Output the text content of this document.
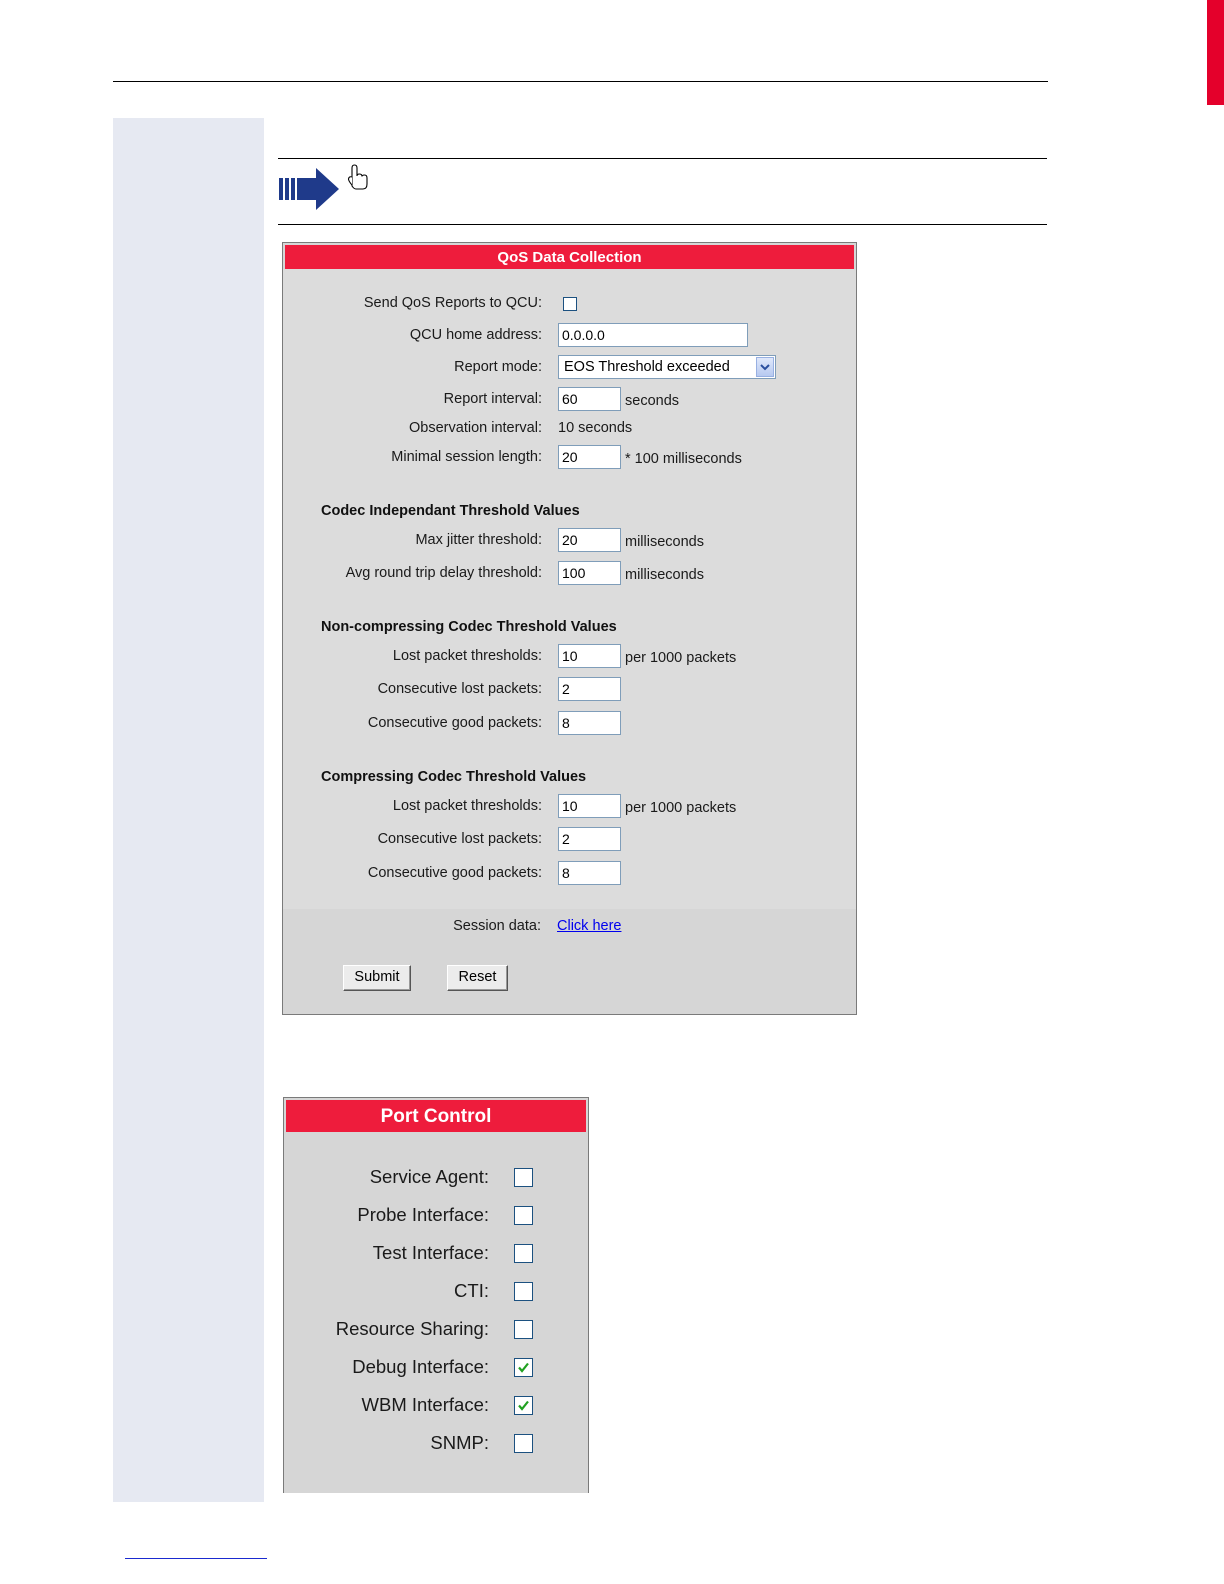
QoS Data Collection
Send QoS Reports to QCU:
QCU home address:
0.0.0.0
Report mode: EOS Threshold exceeded
Report interval:
60	seconds
Observation interval: 10 seconds
Minimal session length:
20	* 100 milliseconds
Codec Independant Threshold Values
Max jitter threshold:
20	milliseconds
Avg round trip delay threshold:
100	milliseconds
Non-compressing Codec Threshold Values
Lost packet thresholds:
10	per 1000 packets
Consecutive lost packets:
2
Consecutive good packets:
8
Compressing Codec Threshold Values
Lost packet thresholds:
10	per 1000 packets
Consecutive lost packets:
2
Consecutive good packets:
8
Session data: Click here
Submit	Reset
Port Control
Service Agent:
Probe Interface:
Test Interface:
CTI:
Resource Sharing:
Debug Interface:
WBM Interface:
SNMP:
